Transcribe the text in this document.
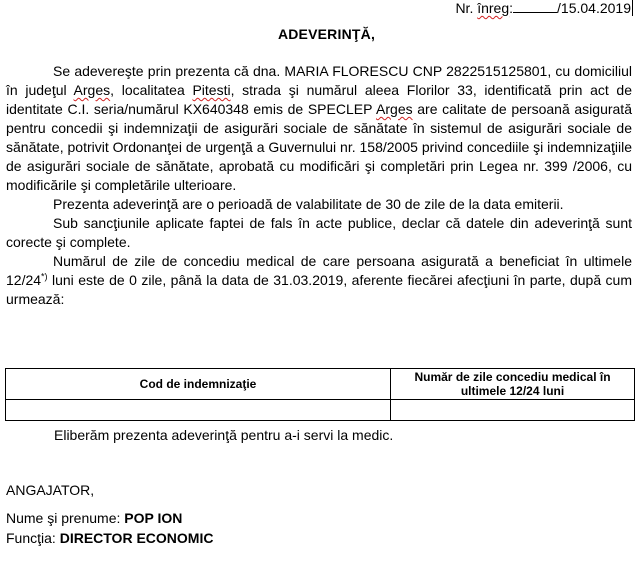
Nr. înreg:	/15.04.2019
ADEVERINŢĂ,

Se adevereşte prin prezenta că dna. MARIA FLORESCU CNP 2822515125801, cu domiciliul în judeţul Arges, localitatea Pitesti, strada şi numărul aleea Florilor 33, identificată prin act de identitate C.I. seria/numărul KX640348 emis de SPECLEP Arges are calitate de persoană asigurată pentru concedii şi indemnizaţii de asigurări sociale de sănătate în sistemul de asigurări sociale de sănătate, potrivit Ordonanţei de urgenţă a Guvernului nr. 158/2005 privind concediile şi indemnizaţiile de asigurări sociale de sănătate, aprobată cu modificări şi completări prin Legea nr. 399 /2006, cu modificările şi completările ulterioare.

Prezenta adeverinţă are o perioadă de valabilitate de 30 de zile de la data emiterii.

Sub sancţiunile aplicate faptei de fals în acte publice, declar că datele din adeverinţă sunt corecte şi complete.

Numărul de zile de concediu medical de care persoana asigurată a beneficiat în ultimele 12/24*) luni este de 0 zile, până la data de 31.03.2019, aferente fiecărei afecţiuni în parte, după cum urmează:

Cod de indemnizaţie	Număr de zile concediu medical în ultimele 12/24 luni

Eliberăm prezenta adeverinţă pentru a-i servi la medic.
ANGAJATOR,
Nume şi prenume: POP ION
Funcţia: DIRECTOR ECONOMIC
